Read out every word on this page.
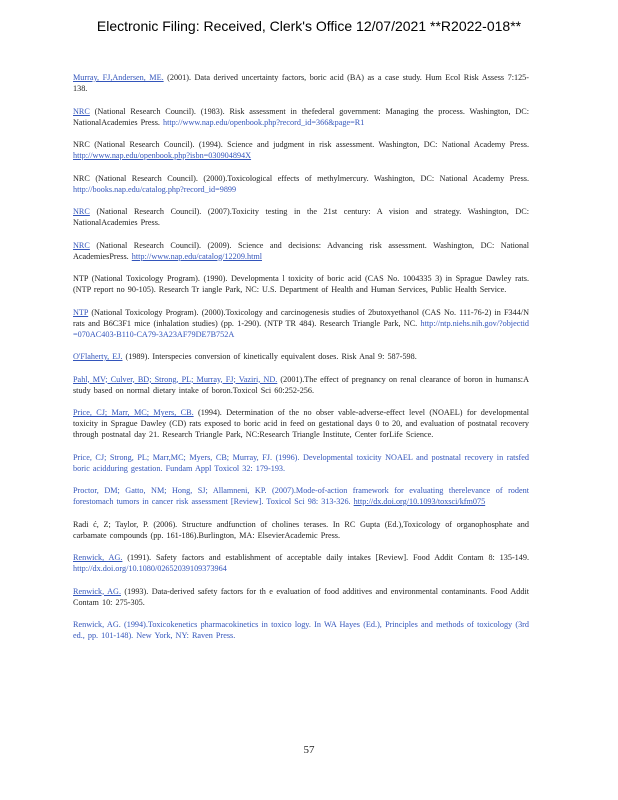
Electronic Filing: Received, Clerk's Office 12/07/2021 **R2022-018**

Murray, FJ,Andersen, ME. (2001). Data derived uncertainty factors, boric acid (BA) as a case study. Hum Ecol Risk Assess 7:125-138.

NRC (National Research Council). (1983). Risk assessment in thefederal government: Managing the process. Washington, DC: NationalAcademies Press. http://www.nap.edu/openbook.php?record_id=366&page=R1

NRC (National Research Council). (1994). Science and judgment in risk assessment. Washington, DC: National Academy Press. http://www.nap.edu/openbook.php?isbn=030904894X

NRC (National Research Council). (2000).Toxicological effects of methylmercury. Washington, DC: National Academy Press. http://books.nap.edu/catalog.php?record_id=9899

NRC (National Research Council). (2007).Toxicity testing in the 21st century: A vision and strategy. Washington, DC: NationalAcademies Press.

NRC (National Research Council). (2009). Science and decisions: Advancing risk assessment. Washington, DC: National AcademiesPress. http://www.nap.edu/catalog/12209.html

NTP (National Toxicology Program). (1990). Developmenta l toxicity of boric acid (CAS No. 1004335 3) in Sprague Dawley rats. (NTP report no 90-105). Research Tr iangle Park, NC: U.S. Department of Health and Human Services, Public Health Service.

NTP (National Toxicology Program). (2000).Toxicology and carcinogenesis studies of 2butoxyethanol (CAS No. 111-76-2) in F344/N rats and B6C3F1 mice (inhalation studies) (pp. 1-290). (NTP TR 484). Research Triangle Park, NC. http://ntp.niehs.nih.gov/?objectid =070AC403-B110-CA79-3A23AF79DE7B752A

O'Flaherty, EJ. (1989). Interspecies conversion of kinetically equivalent doses. Risk Anal 9: 587-598.

Pahl, MV; Culver, BD; Strong, PL; Murray, FJ; Vaziri, ND. (2001).The effect of pregnancy on renal clearance of boron in humans:A study based on normal dietary intake of boron.Toxicol Sci 60:252-256.

Price, CJ; Marr, MC; Myers, CB. (1994). Determination of the no obser vable-adverse-effect level (NOAEL) for developmental toxicity in Sprague Dawley (CD) rats exposed to boric acid in feed on gestational days 0 to 20, and evaluation of postnatal recovery through postnatal day 21. Research Triangle Park, NC:Research Triangle Institute, Center forLife Science.

Price, CJ; Strong, PL; Marr,MC; Myers, CB; Murray, FJ. (1996). Developmental toxicity NOAEL and postnatal recovery in ratsfed boric acidduring gestation. Fundam Appl Toxicol 32: 179-193.

Proctor, DM; Gatto, NM; Hong, SJ; Allamneni, KP. (2007).Mode-of-action framework for evaluating therelevance of rodent forestomach tumors in cancer risk assessment [Review]. Toxicol Sci 98: 313-326. http://dx.doi.org/10.1093/toxsci/kfm075

Radi ć, Z; Taylor, P. (2006). Structure andfunction of cholines terases. In RC Gupta (Ed.),Toxicology of organophosphate and carbamate compounds (pp. 161-186).Burlington, MA: ElsevierAcademic Press.

Renwick, AG. (1991). Safety factors and establishment of acceptable daily intakes [Review]. Food Addit Contam 8: 135-149. http://dx.doi.org/10.1080/02652039109373964

Renwick, AG. (1993). Data-derived safety factors for th e evaluation of food additives and environmental contaminants. Food Addit Contam 10: 275-305.

Renwick, AG. (1994).Toxicokenetics pharmacokinetics in toxico logy. In WA Hayes (Ed.), Principles and methods of toxicology (3rd ed., pp. 101-148). New York, NY: Raven Press.

57
